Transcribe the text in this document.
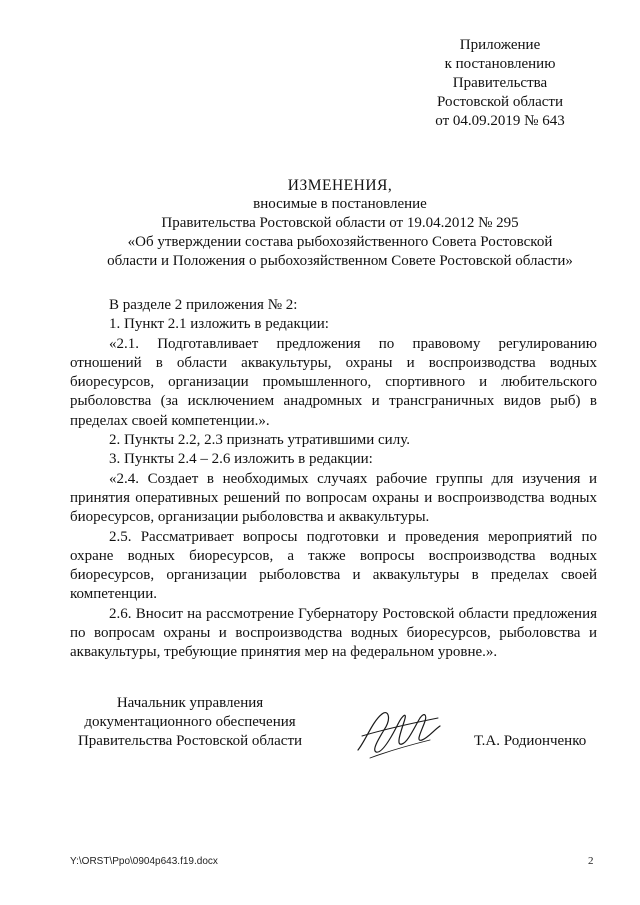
Приложение
к постановлению
Правительства
Ростовской области
от 04.09.2019 № 643
ИЗМЕНЕНИЯ,
вносимые в постановление
Правительства Ростовской области от 19.04.2012 № 295
«Об утверждении состава рыбохозяйственного Совета Ростовской
области и Положения о рыбохозяйственном Совете Ростовской области»

В разделе 2 приложения № 2:

1. Пункт 2.1 изложить в редакции:

«2.1. Подготавливает предложения по правовому регулированию отношений в области аквакультуры, охраны и воспроизводства водных биоресурсов, организации промышленного, спортивного и любительского рыболовства (за исключением анадромных и трансграничных видов рыб) в пределах своей компетенции.».

2. Пункты 2.2, 2.3 признать утратившими силу.

3. Пункты 2.4 – 2.6 изложить в редакции:

«2.4. Создает в необходимых случаях рабочие группы для изучения и принятия оперативных решений по вопросам охраны и воспроизводства водных биоресурсов, организации рыболовства и аквакультуры.

2.5. Рассматривает вопросы подготовки и проведения мероприятий по охране водных биоресурсов, а также вопросы воспроизводства водных биоресурсов, организации рыболовства и аквакультуры в пределах своей компетенции.

2.6. Вносит на рассмотрение Губернатору Ростовской области предложения по вопросам охраны и воспроизводства водных биоресурсов, рыболовства и аквакультуры, требующие принятия мер на федеральном уровне.».

Начальник управления
документационного обеспечения
Правительства Ростовской области	Т.А. Родионченко
Y:\ORST\Ppo\0904p643.f19.docx	2
